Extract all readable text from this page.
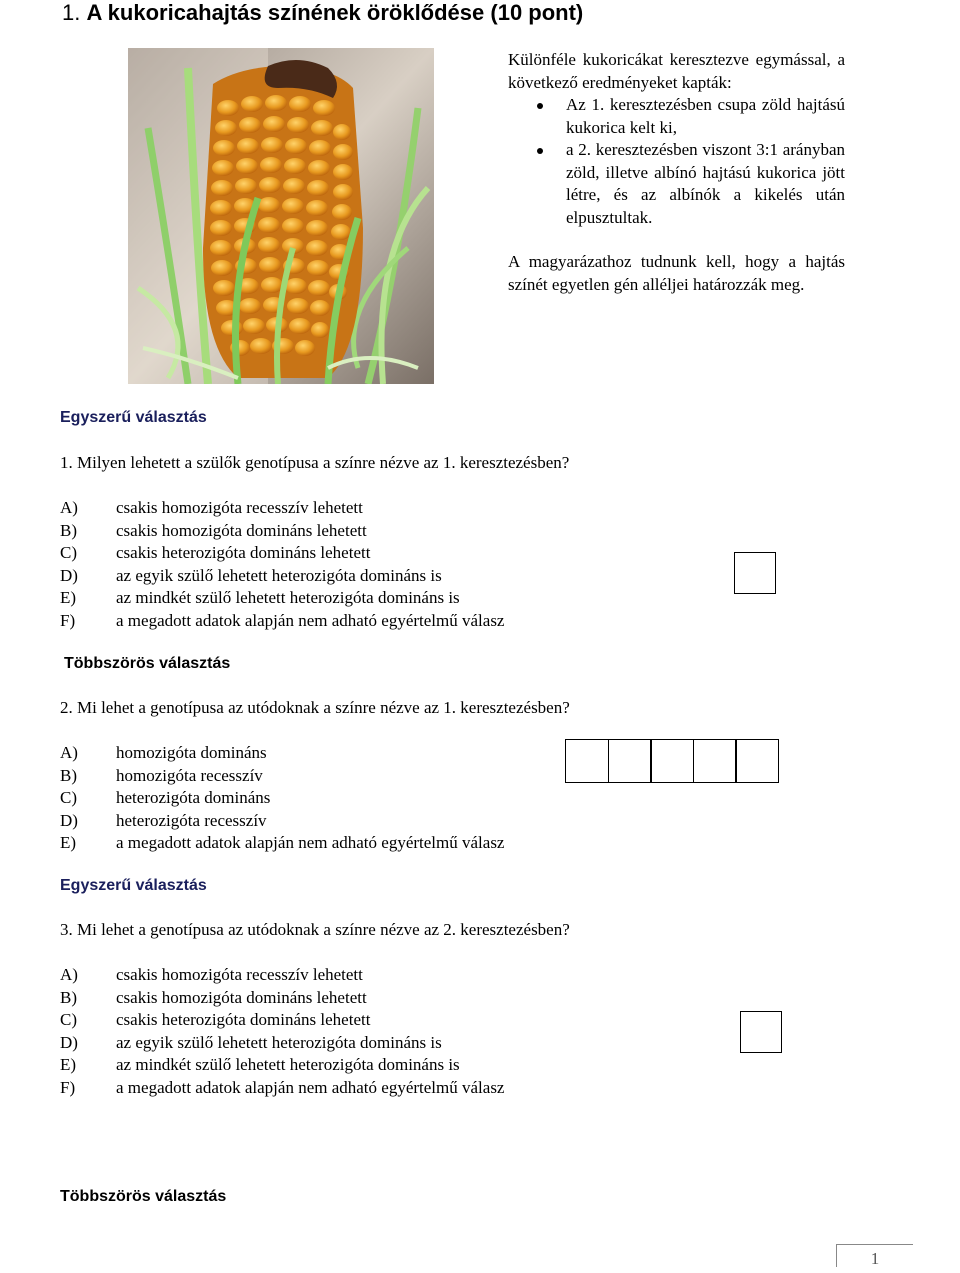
1. A kukoricahajtás színének öröklődése (10 pont)

Különféle kukoricákat keresztezve egymással, a következő eredményeket kapták:

Az 1. keresztezésben csupa zöld hajtású kukorica kelt ki,
a 2. keresztezésben viszont 3:1 arányban zöld, illetve albínó hajtású kukorica jött létre, és az albínók a kikelés után elpusztultak.

A magyarázathoz tudnunk kell, hogy a hajtás színét egyetlen gén alléljei határozzák meg.

Egyszerű választás
1. Milyen lehetett a szülők genotípusa a színre nézve az 1. keresztezésben?
A)	csakis homozigóta recesszív lehetett
B)	csakis homozigóta domináns lehetett
C)	csakis heterozigóta domináns lehetett
D)	az egyik szülő lehetett heterozigóta domináns is
E)	az mindkét szülő lehetett heterozigóta domináns is
F)	a megadott adatok alapján nem adható egyértelmű válasz
Többszörös választás
2. Mi lehet a genotípusa az utódoknak a színre nézve az 1. keresztezésben?
A)	homozigóta domináns
B)	homozigóta recesszív
C)	heterozigóta domináns
D)	heterozigóta recesszív
E)	a megadott adatok alapján nem adható egyértelmű válasz
Egyszerű választás
3. Mi lehet a genotípusa az utódoknak a színre nézve az 2. keresztezésben?
A)	csakis homozigóta recesszív lehetett
B)	csakis homozigóta domináns lehetett
C)	csakis heterozigóta domináns lehetett
D)	az egyik szülő lehetett heterozigóta domináns is
E)	az mindkét szülő lehetett heterozigóta domináns is
F)	a megadott adatok alapján nem adható egyértelmű válasz
Többszörös választás
1
